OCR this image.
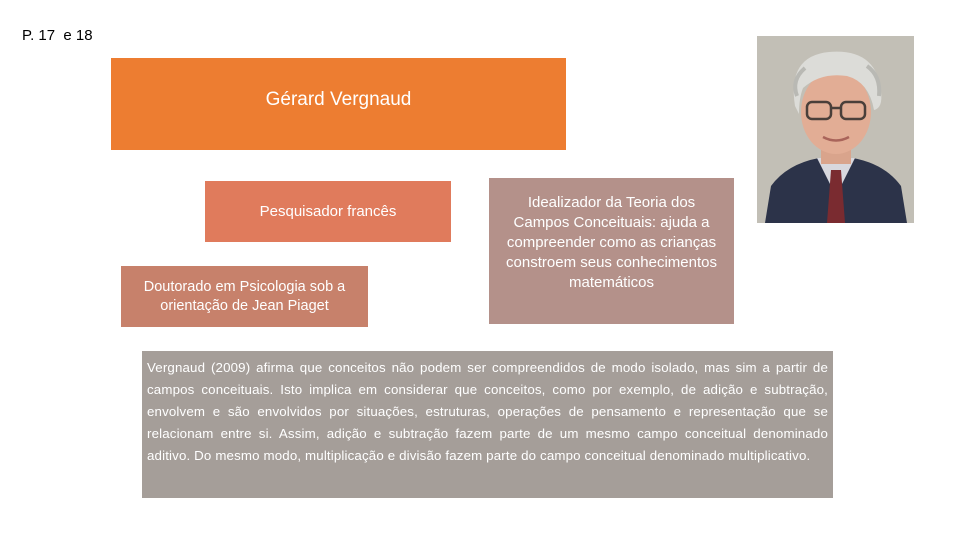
P. 17  e 18
Gérard Vergnaud
Pesquisador francês
Doutorado em Psicologia sob a orientação de Jean Piaget
Idealizador da Teoria dos Campos Conceituais: ajuda a compreender como as crianças constroem seus conhecimentos matemáticos
Vergnaud (2009) afirma que conceitos não podem ser compreendidos de modo isolado, mas sim a partir de campos conceituais. Isto implica em considerar que conceitos, como por exemplo, de adição e subtração, envolvem e são envolvidos por situações, estruturas, operações de pensamento e representação que se relacionam entre si. Assim, adição e subtração fazem parte de um mesmo campo conceitual denominado aditivo. Do mesmo modo, multiplicação e divisão fazem parte do campo conceitual denominado multiplicativo.
